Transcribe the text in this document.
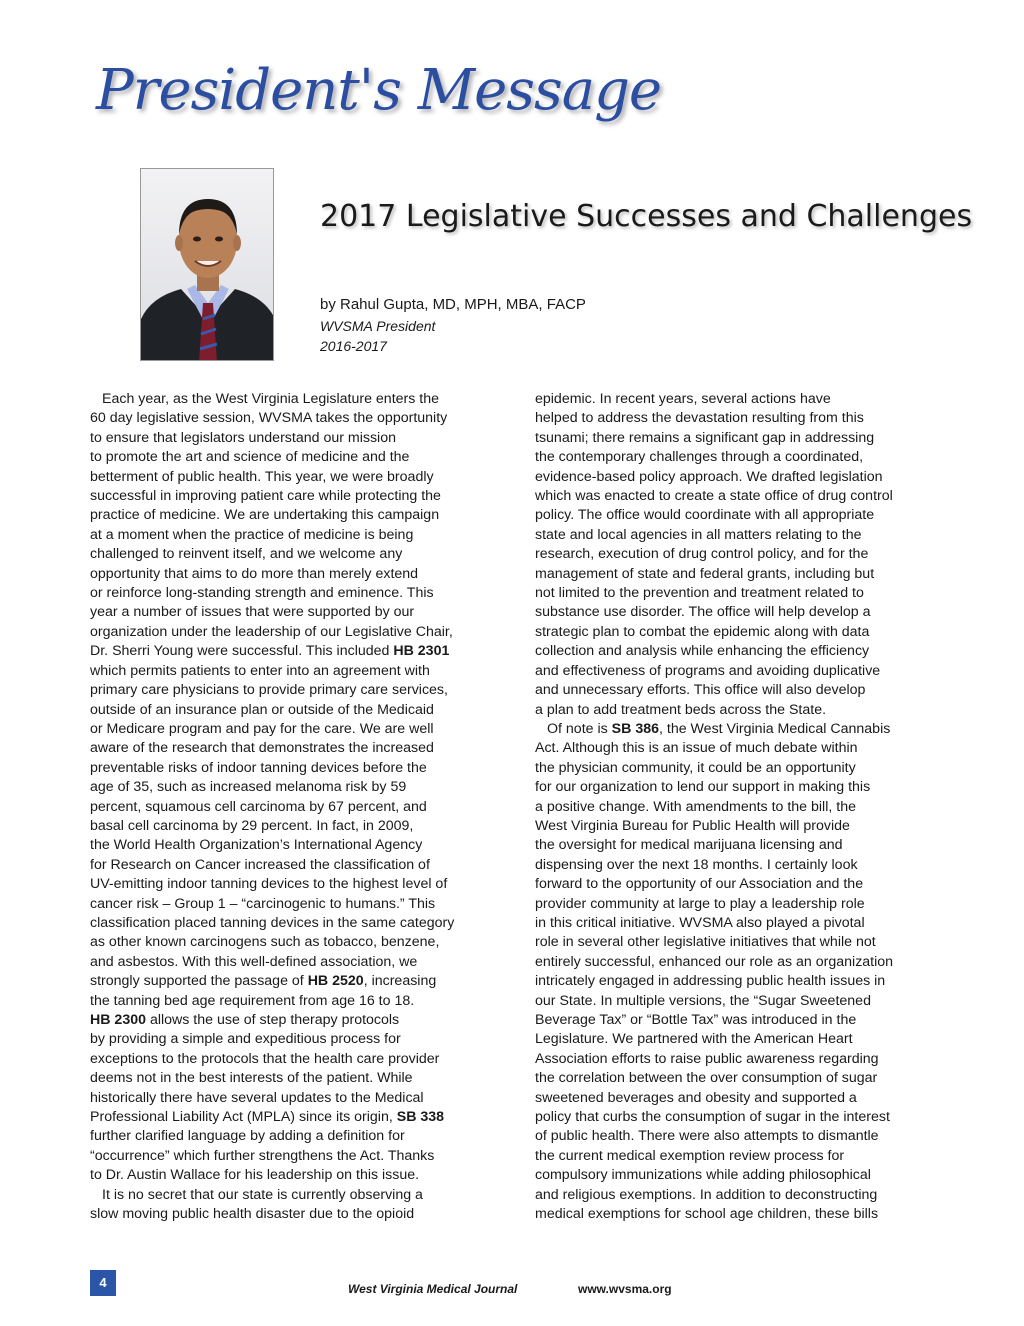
President's Message
2017 Legislative Successes and Challenges
by Rahul Gupta, MD, MPH, MBA, FACP
WVSMA President
2016-2017

Each year, as the West Virginia Legislature enters the

60 day legislative session, WVSMA takes the opportunity

to ensure that legislators understand our mission

to promote the art and science of medicine and the

betterment of public health. This year, we were broadly

successful in improving patient care while protecting the

practice of medicine. We are undertaking this campaign

at a moment when the practice of medicine is being

challenged to reinvent itself, and we welcome any

opportunity that aims to do more than merely extend

or reinforce long-standing strength and eminence. This

year a number of issues that were supported by our

organization under the leadership of our Legislative Chair,

Dr. Sherri Young were successful. This included HB 2301

which permits patients to enter into an agreement with

primary care physicians to provide primary care services,

outside of an insurance plan or outside of the Medicaid

or Medicare program and pay for the care. We are well

aware of the research that demonstrates the increased

preventable risks of indoor tanning devices before the

age of 35, such as increased melanoma risk by 59

percent, squamous cell carcinoma by 67 percent, and

basal cell carcinoma by 29 percent. In fact, in 2009,

the World Health Organization’s International Agency

for Research on Cancer increased the classification of

UV-emitting indoor tanning devices to the highest level of

cancer risk – Group 1 – “carcinogenic to humans.” This

classification placed tanning devices in the same category

as other known carcinogens such as tobacco, benzene,

and asbestos. With this well-defined association, we

strongly supported the passage of HB 2520, increasing

the tanning bed age requirement from age 16 to 18.

HB 2300 allows the use of step therapy protocols

by providing a simple and expeditious process for

exceptions to the protocols that the health care provider

deems not in the best interests of the patient. While

historically there have several updates to the Medical

Professional Liability Act (MPLA) since its origin, SB 338

further clarified language by adding a definition for

“occurrence” which further strengthens the Act. Thanks

to Dr. Austin Wallace for his leadership on this issue.

It is no secret that our state is currently observing a

slow moving public health disaster due to the opioid

epidemic. In recent years, several actions have

helped to address the devastation resulting from this

tsunami; there remains a significant gap in addressing

the contemporary challenges through a coordinated,

evidence-based policy approach. We drafted legislation

which was enacted to create a state office of drug control

policy. The office would coordinate with all appropriate

state and local agencies in all matters relating to the

research, execution of drug control policy, and for the

management of state and federal grants, including but

not limited to the prevention and treatment related to

substance use disorder. The office will help develop a

strategic plan to combat the epidemic along with data

collection and analysis while enhancing the efficiency

and effectiveness of programs and avoiding duplicative

and unnecessary efforts. This office will also develop

a plan to add treatment beds across the State.

Of note is SB 386, the West Virginia Medical Cannabis

Act. Although this is an issue of much debate within

the physician community, it could be an opportunity

for our organization to lend our support in making this

a positive change. With amendments to the bill, the

West Virginia Bureau for Public Health will provide

the oversight for medical marijuana licensing and

dispensing over the next 18 months. I certainly look

forward to the opportunity of our Association and the

provider community at large to play a leadership role

in this critical initiative. WVSMA also played a pivotal

role in several other legislative initiatives that while not

entirely successful, enhanced our role as an organization

intricately engaged in addressing public health issues in

our State. In multiple versions, the “Sugar Sweetened

Beverage Tax” or “Bottle Tax” was introduced in the

Legislature. We partnered with the American Heart

Association efforts to raise public awareness regarding

the correlation between the over consumption of sugar

sweetened beverages and obesity and supported a

policy that curbs the consumption of sugar in the interest

of public health. There were also attempts to dismantle

the current medical exemption review process for

compulsory immunizations while adding philosophical

and religious exemptions. In addition to deconstructing

medical exemptions for school age children, these bills

4	West Virginia Medical Journal	www.wvsma.org
